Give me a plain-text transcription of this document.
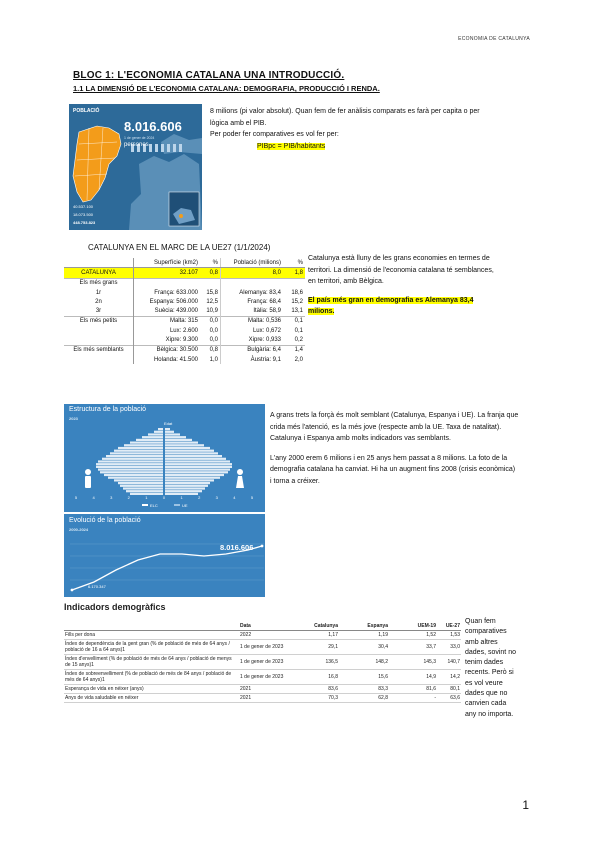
ECONOMIA DE CATALUNYA
BLOC 1: L'ECONOMIA CATALANA UNA INTRODUCCIÓ.
1.1 LA DIMENSIÓ DE L'ECONOMIA CATALANA: DEMOGRAFIA, PRODUCCIÓ I RENDA.
POBLACIÓ
8.016.606 persones
1 de gener de 2024
40.537.100
18.073.500
448.753.823
8 milions (pi valor absolut). Quan fem de fer anàlisis comparats es farà per capita o per
lògica amb el PIB.
Per poder fer comparatives es vol fer per:
PIBpc = PIB/habitants
CATALUNYA EN EL MARC DE LA UE27 (1/1/2024)
	Superfície (km2)	%	Població (milions)	%
CATALUNYA	32.107	0,8	8,0	1,8
Els més grans				
1r	França: 633.000	15,8	Alemanya: 83,4	18,6
2n	Espanya: 506.000	12,5	França: 68,4	15,2
3r	Suècia: 439.000	10,9	Itàlia: 58,9	13,1
Els més petits	Malta: 315	0,0	Malta: 0,536	0,1
	Lux: 2.600	0,0	Lux: 0,672	0,1
	Xipre: 9.300	0,0	Xipre: 0,933	0,2
Els més semblants	Bèlgica: 30.500	0,8	Bulgària: 6,4	1,4
	Holanda: 41.500	1,0	Àustria: 9,1	2,0
Catalunya està lluny de les grans economies en termes de
territori. La dimensió de l'economia catalana té semblances,
en territori, amb Bèlgica.
El país més gran en demografia es Alemanya 83,4
milions.
Estructura de la població
2023
Edat
5	4	3	2	1	0	1	2	3	4	5
ELC	UE
Evolució de la població
2000-2024
8.016.606
6.170.347
A grans trets la forçà és molt semblant (Catalunya, Espanya i UE). La franja que
crida més l'atenció, es la més jove (respecte amb la UE. Taxa de natalitat).
Catalunya i Espanya amb molts indicadors vas semblants.
L'any 2000 erem 6 milions i en 25 anys hem passat a 8 milions. La foto de la
demografia catalana ha canviat. Hi ha un augment fins 2008 (crisis econòmica)
i torna a créixer.
Indicadors demogràfics
	Data	Catalunya	Espanya	UEM-19	UE-27
Fills per dona	2022	1,17	1,19	1,52	1,53
Índex de dependència de la gent gran (% de població de més de 64 anys / població de 16 a 64 anys)1	1 de gener de 2023	29,1	30,4	33,7	33,0
Índex d'envelliment (% de població de més de 64 anys / població de menys de 15 anys)1	1 de gener de 2023	136,5	148,2	145,3	140,7
Índex de sobreenvelliment (% de població de més de 84 anys / població de més de 64 anys)1	1 de gener de 2023	16,8	15,6	14,9	14,2
Esperança de vida en néixer (anys)	2021	83,6	83,3	81,6	80,1
Anys de vida saludable en néixer	2021	70,3	62,8	-	63,6
Quan fem
comparatives
amb altres
dades, sovint no
tenim dades
recents. Però si
es vol veure
dades que no
canvien cada
any no importa.
1
